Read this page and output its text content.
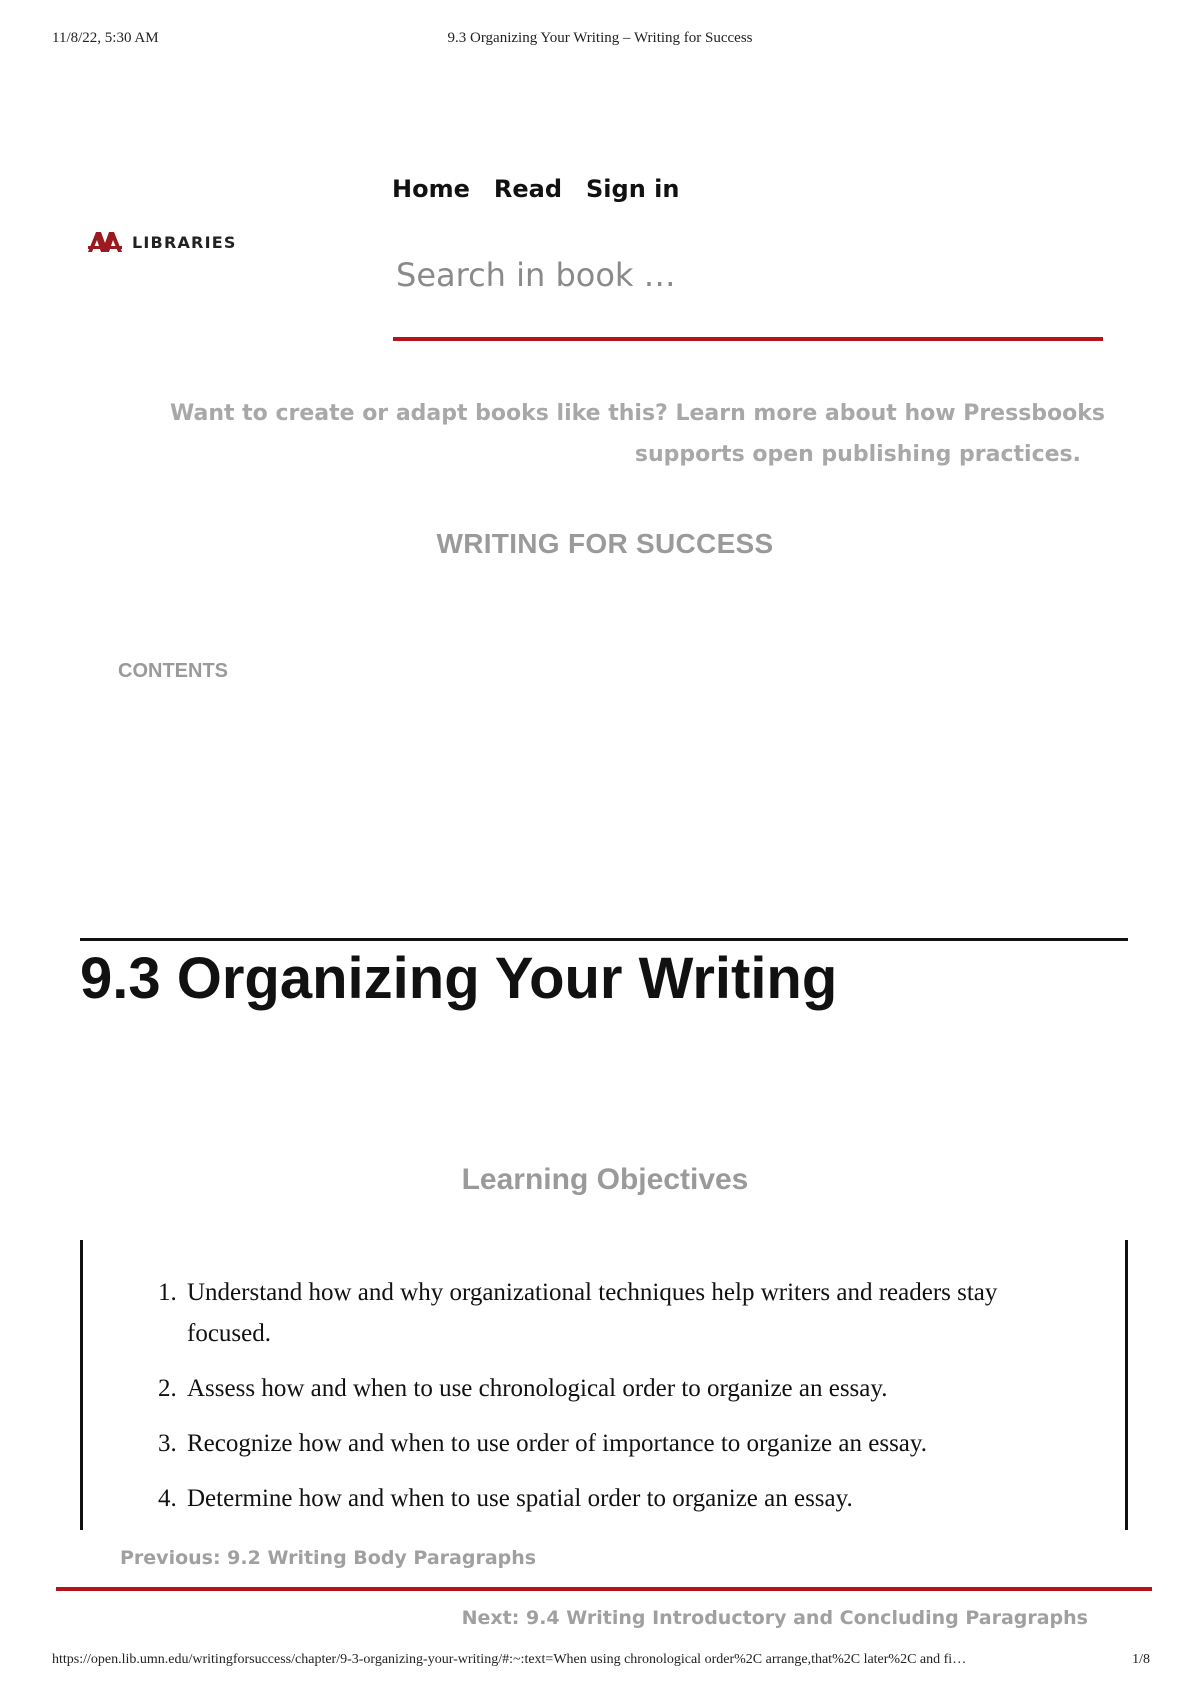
11/8/22, 5:30 AM	9.3 Organizing Your Writing – Writing for Success
LIBRARIES
Home Read Sign in
Search in book …
Want to create or adapt books like this? Learn more about how Pressbooks
supports open publishing practices.
WRITING FOR SUCCESS
CONTENTS
9.3 Organizing Your Writing
Learning Objectives
1. Understand how and why organizational techniques help writers and readers stay focused.
2. Assess how and when to use chronological order to organize an essay.
3. Recognize how and when to use order of importance to organize an essay.
4. Determine how and when to use spatial order to organize an essay.
Previous: 9.2 Writing Body Paragraphs
Next: 9.4 Writing Introductory and Concluding Paragraphs
https://open.lib.umn.edu/writingforsuccess/chapter/9-3-organizing-your-writing/#:~:text=When using chronological order%2C arrange,that%2C later%2C and fi…	1/8
